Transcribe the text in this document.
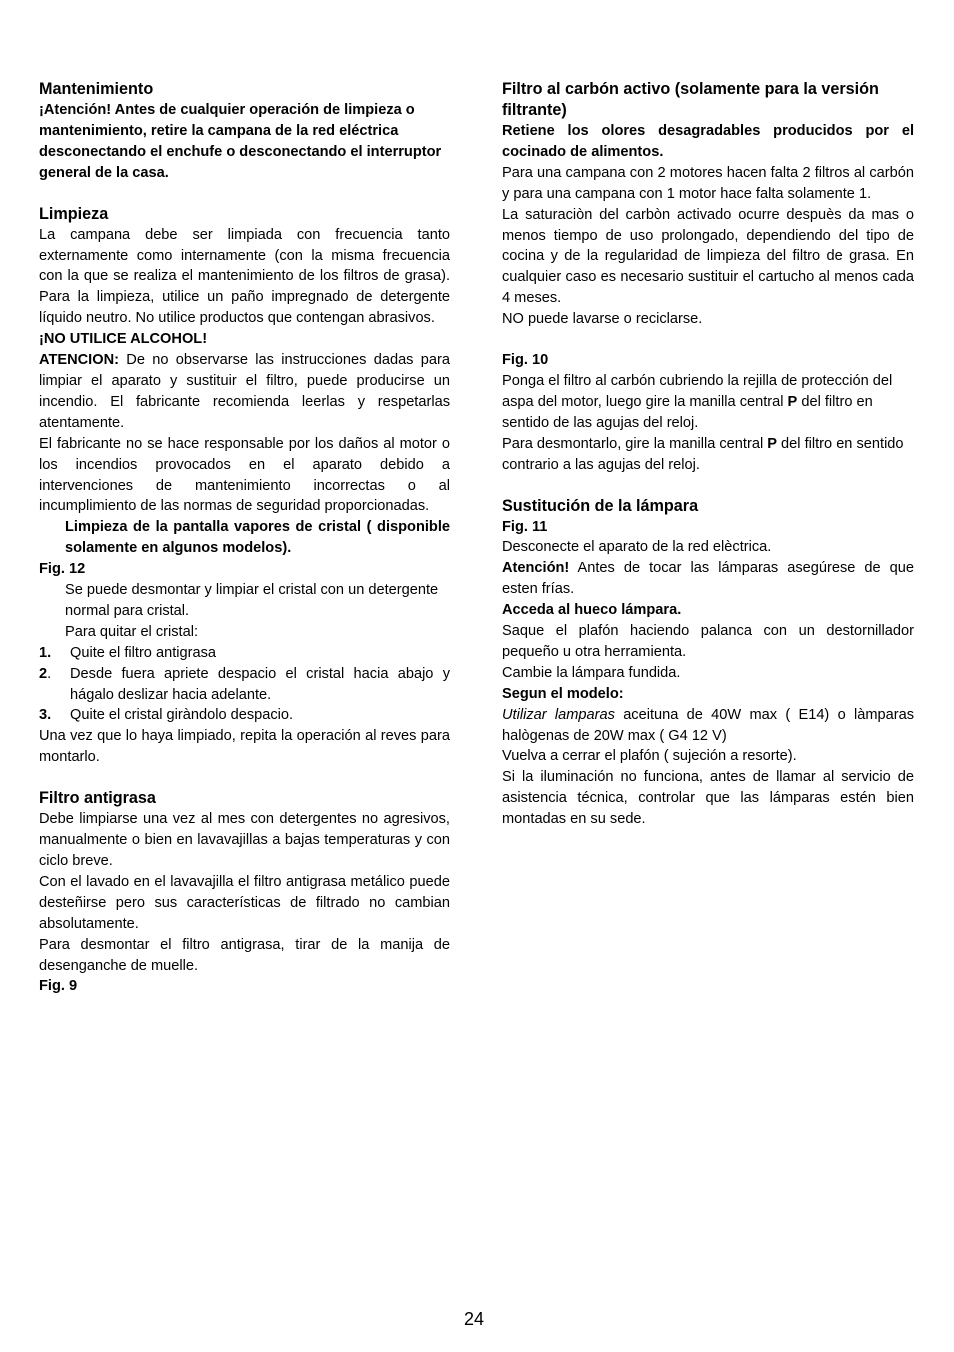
Mantenimiento

¡Atención! Antes de cualquier operación de limpieza o mantenimiento, retire la campana de la red eléctrica desconectando el enchufe o desconectando el interruptor general de la casa.

Limpieza

La campana debe ser limpiada con frecuencia tanto externamente como internamente (con la misma frecuencia con la que se realiza el mantenimiento de los filtros de grasa). Para la limpieza, utilice un paño impregnado de detergente líquido neutro. No utilice productos que contengan abrasivos.

¡NO UTILICE ALCOHOL!

ATENCION: De no observarse las instrucciones dadas para limpiar el aparato y sustituir el filtro, puede producirse un incendio. El fabricante recomienda leerlas y respetarlas atentamente.

El fabricante no se hace responsable por los daños al motor o los incendios provocados en el aparato debido a intervenciones de mantenimiento incorrectas o al incumplimiento de las normas de seguridad proporcionadas.

Limpieza de la pantalla vapores de cristal ( disponible solamente en algunos modelos).

Fig. 12

Se puede desmontar y limpiar el cristal con un detergente normal para cristal.

Para quitar el cristal:

1.	Quite el filtro antigrasa
2.	Desde fuera apriete despacio el cristal hacia abajo y hágalo deslizar hacia adelante.
3.	Quite el cristal giràndolo despacio.

Una vez que lo haya limpiado, repita la operación al reves para montarlo.

Filtro antigrasa

Debe limpiarse una vez al mes con detergentes no agresivos, manualmente o bien en lavavajillas a bajas temperaturas y con ciclo breve.

Con el lavado en el lavavajilla el filtro antigrasa metálico puede desteñirse pero sus características de filtrado no cambian absolutamente.

Para desmontar el filtro antigrasa, tirar de la manija de desenganche de muelle.

Fig. 9

Filtro al carbón activo (solamente para la versión filtrante)

Retiene los olores desagradables producidos por el cocinado de alimentos.

Para una campana con 2 motores hacen falta 2 filtros al carbón y para una campana con 1 motor hace falta solamente 1.

La saturaciòn del carbòn activado ocurre despuès da mas o menos tiempo de uso prolongado, dependiendo del tipo de cocina y de la regularidad de limpieza del filtro de grasa. En cualquier caso es necesario sustituir el cartucho al menos cada 4 meses.

NO puede lavarse o reciclarse.

Fig. 10

Ponga el filtro al carbón cubriendo la rejilla de protección del aspa del motor, luego gire la manilla central P del filtro en sentido de las agujas del reloj.

Para desmontarlo, gire la manilla central P del filtro en sentido contrario a las agujas del reloj.

Sustitución de la lámpara

Fig. 11

Desconecte el aparato de la red elèctrica.

Atención! Antes de tocar las lámparas asegúrese de que esten frías.

Acceda al hueco lámpara.

Saque el plafón haciendo palanca con un destornillador pequeño u otra herramienta.

Cambie la lámpara fundida.

Segun el modelo:

Utilizar lamparas aceituna de 40W max ( E14) o làmparas halògenas de 20W max ( G4 12 V)

Vuelva a cerrar el plafón ( sujeción a resorte).

Si la iluminación no funciona, antes de llamar al servicio de asistencia técnica, controlar que las lámparas estén bien montadas en su sede.

24
